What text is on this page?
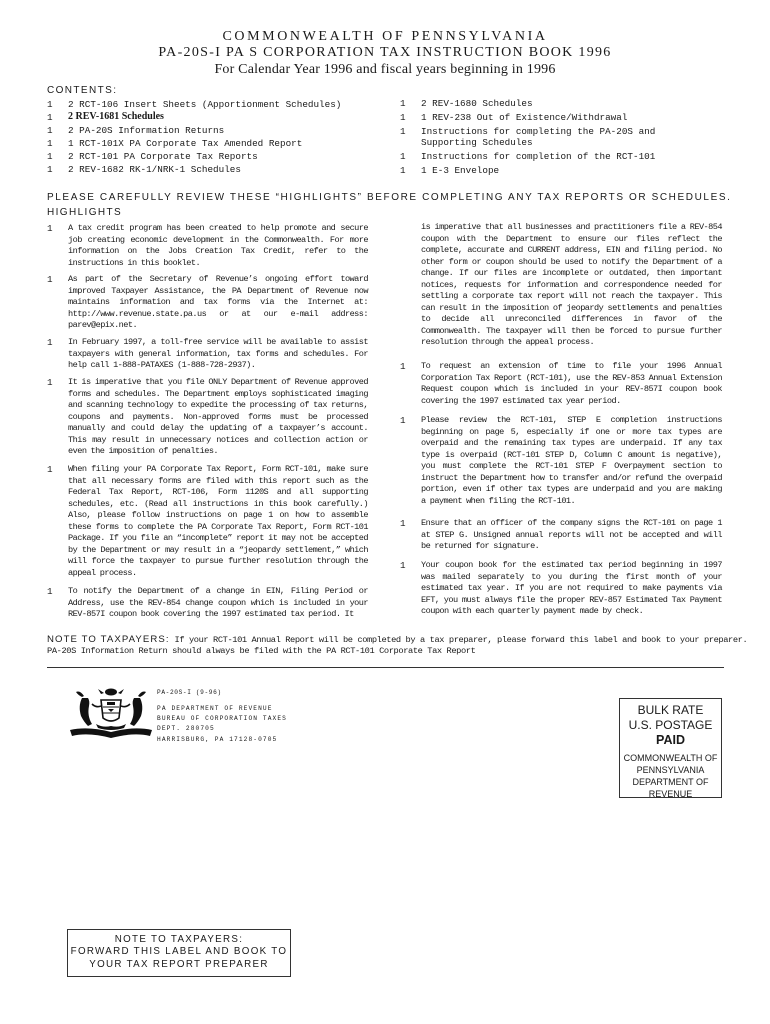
COMMONWEALTH OF PENNSYLVANIA
PA-20S-I PA S CORPORATION TAX INSTRUCTION BOOK 1996
For Calendar Year 1996 and fiscal years beginning in 1996
CONTENTS:
1 2 RCT-106 Insert Sheets (Apportionment Schedules)
1 2 REV-1681 Schedules
1 2 PA-20S Information Returns
1 1 RCT-101X PA Corporate Tax Amended Report
1 2 RCT-101 PA Corporate Tax Reports
1 2 REV-1682 RK-1/NRK-1 Schedules
1 2 REV-1680 Schedules
1 1 REV-238 Out of Existence/Withdrawal
1 Instructions for completing the PA-20S and
Supporting Schedules
1 Instructions for completion of the RCT-101
1 1 E-3 Envelope
PLEASE CAREFULLY REVIEW THESE “HIGHLIGHTS” BEFORE COMPLETING ANY TAX REPORTS OR SCHEDULES.
HIGHLIGHTS
1 A tax credit program has been created to help promote and secure job creating economic development in the Commonwealth. For more information on the Jobs Creation Tax Credit, refer to the instructions in this booklet.
1 As part of the Secretary of Revenue’s ongoing effort toward improved Taxpayer Assistance, the PA Department of Revenue now maintains information and tax forms via the Internet at: http://www.revenue.state.pa.us or at our e-mail address: parev@epix.net.
1 In February 1997, a toll-free service will be available to assist taxpayers with general information, tax forms and schedules. For help call 1-888-PATAXES (1-888-728-2937).
1 It is imperative that you file ONLY Department of Revenue approved forms and schedules. The Department employs sophisticated imaging and scanning technology to expedite the processing of tax returns, coupons and payments. Non-approved forms must be processed manually and could delay the updating of a taxpayer’s account. This may result in unnecessary notices and collection action or even the imposition of penalties.
1 When filing your PA Corporate Tax Report, Form RCT-101, make sure that all necessary forms are filed with this report such as the Federal Tax Report, RCT-106, Form 1120S and all supporting schedules, etc. (Read all instructions in this book carefully.) Also, please follow instructions on page 1 on how to assemble these forms to complete the PA Corporate Tax Report, Form RCT-101 Package. If you file an “incomplete” report it may not be accepted by the Department or may result in a “jeopardy settlement,” which will force the taxpayer to pursue further resolution through the appeal process.
1 To notify the Department of a change in EIN, Filing Period or Address, use the REV-854 change coupon which is included in your REV-857I coupon book covering the 1997 estimated tax period. It
is imperative that all businesses and practitioners file a REV-854 coupon with the Department to ensure our files reflect the complete, accurate and CURRENT address, EIN and filing period. No other form or coupon should be used to notify the Department of a change. If our files are incomplete or outdated, then important notices, requests for information and correspondence needed for settling a corporate tax report will not reach the taxpayer. This can result in the imposition of jeopardy settlements and penalties to decide all unreconciled differences in favor of the Commonwealth. The taxpayer will then be forced to pursue further resolution through the appeal process.
1 To request an extension of time to file your 1996 Annual Corporation Tax Report (RCT-101), use the REV-853 Annual Extension Request coupon which is included in your REV-857I coupon book covering the 1997 estimated tax year period.
1 Please review the RCT-101, STEP E completion instructions beginning on page 5, especially if one or more tax types are overpaid and the remaining tax types are underpaid. If any tax type is overpaid (RCT-101 STEP D, Column C amount is negative), you must complete the RCT-101 STEP F Overpayment section to instruct the Department how to transfer and/or refund the overpaid portion, even if other tax types are underpaid and you are making a payment when filing the RCT-101.
1 Ensure that an officer of the company signs the RCT-101 on page 1 at STEP G. Unsigned annual reports will not be accepted and will be returned for signature.
1 Your coupon book for the estimated tax period beginning in 1997 was mailed separately to you during the first month of your estimated tax year. If you are not required to make payments via EFT, you must always file the proper REV-857 Estimated Tax Payment coupon with each quarterly payment made by check.
NOTE TO TAXPAYERS: If your RCT-101 Annual Report will be completed by a tax preparer, please forward this label and book to your preparer.
PA-20S Information Return should always be filed with the PA RCT-101 Corporate Tax Report
PA-20S-I (9-96)
PA DEPARTMENT OF REVENUE
BUREAU OF CORPORATION TAXES
DEPT. 280705
HARRISBURG, PA 17128-0705
BULK RATE
U.S. POSTAGE
PAID
COMMONWEALTH OF PENNSYLVANIA DEPARTMENT OF REVENUE
NOTE TO TAXPAYERS:
FORWARD THIS LABEL AND BOOK TO
YOUR TAX REPORT PREPARER
